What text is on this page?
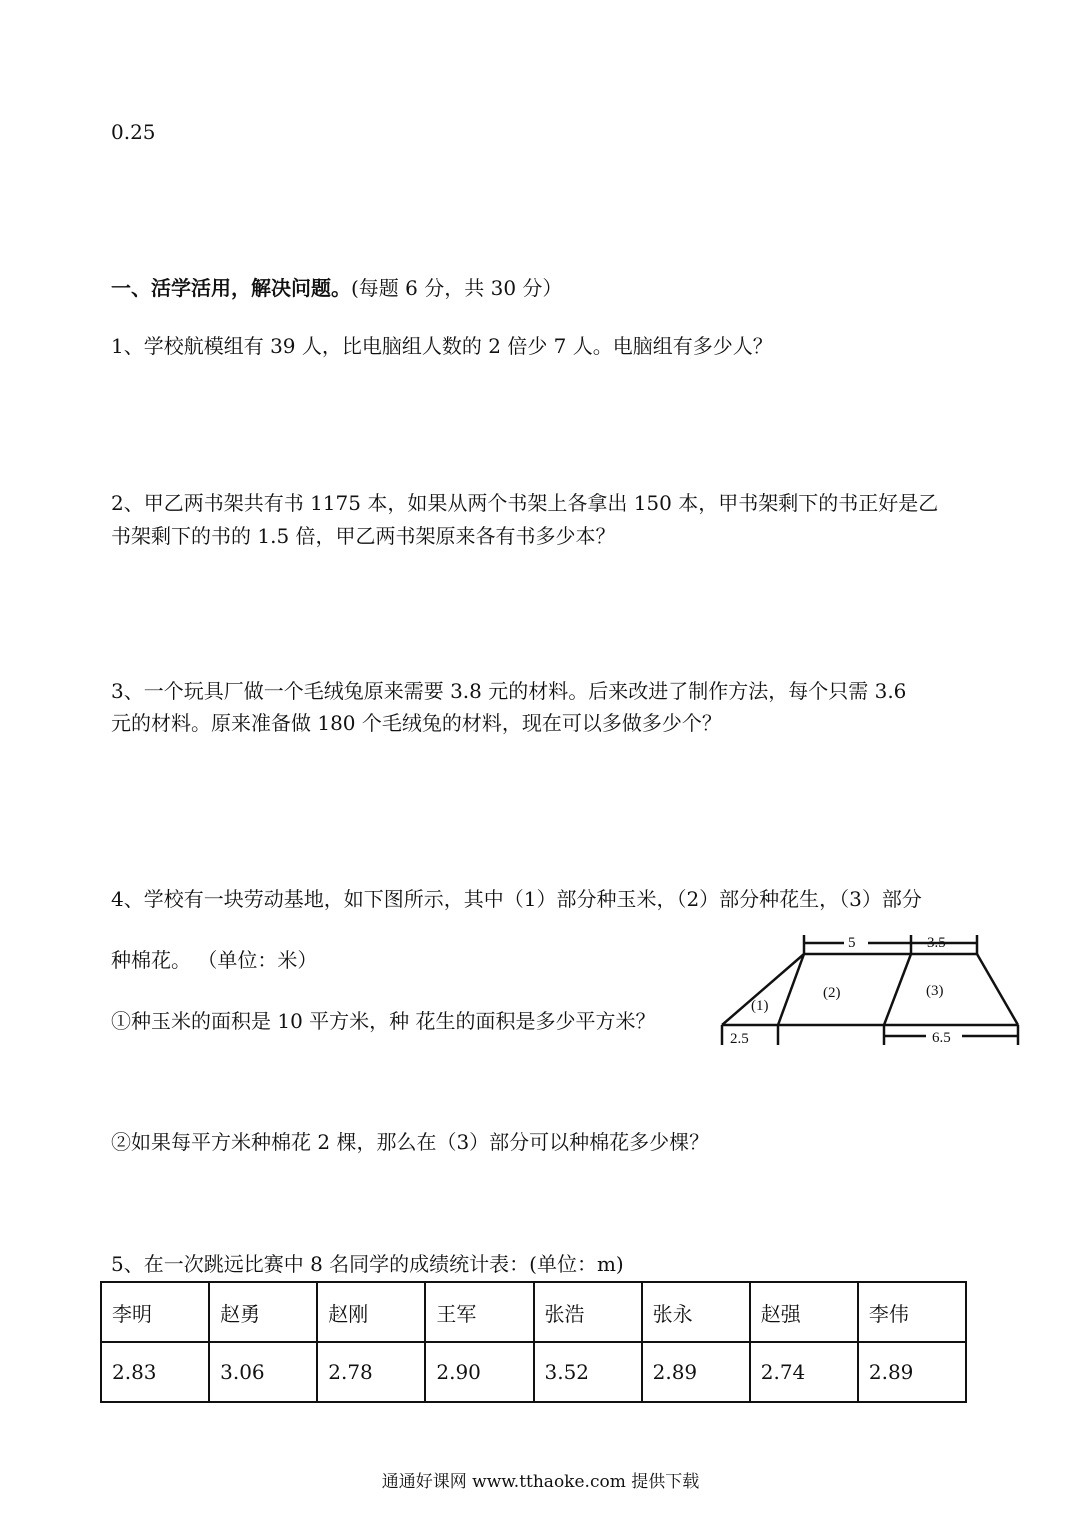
0.25
一、活学活用，解决问题。(每题 6 分，共 30 分）
1、学校航模组有 39 人，比电脑组人数的 2 倍少 7 人。电脑组有多少人？
2、甲乙两书架共有书 1175 本，如果从两个书架上各拿出 150 本，甲书架剩下的书正好是乙
书架剩下的书的 1.5 倍，甲乙两书架原来各有书多少本？
3、一个玩具厂做一个毛绒兔原来需要 3.8 元的材料。后来改进了制作方法，每个只需 3.6
元的材料。原来准备做 180 个毛绒兔的材料，现在可以多做多少个？
4、学校有一块劳动基地，如下图所示，其中（1）部分种玉米，（2）部分种花生，（3）部分
种棉花。 （单位：米）
①种玉米的面积是 10 平方米，种 花生的面积是多少平方米？
②如果每平方米种棉花 2 棵，那么在（3）部分可以种棉花多少棵？
5	3.5
(1)
(2)	(3)
2.5	6.5
5、在一次跳远比赛中 8 名同学的成绩统计表：(单位：m)
李明	赵勇	赵刚	王军	张浩	张永	赵强	李伟
2.83	3.06	2.78	2.90	3.52	2.89	2.74	2.89
通通好课网 www.tthaoke.com 提供下载
